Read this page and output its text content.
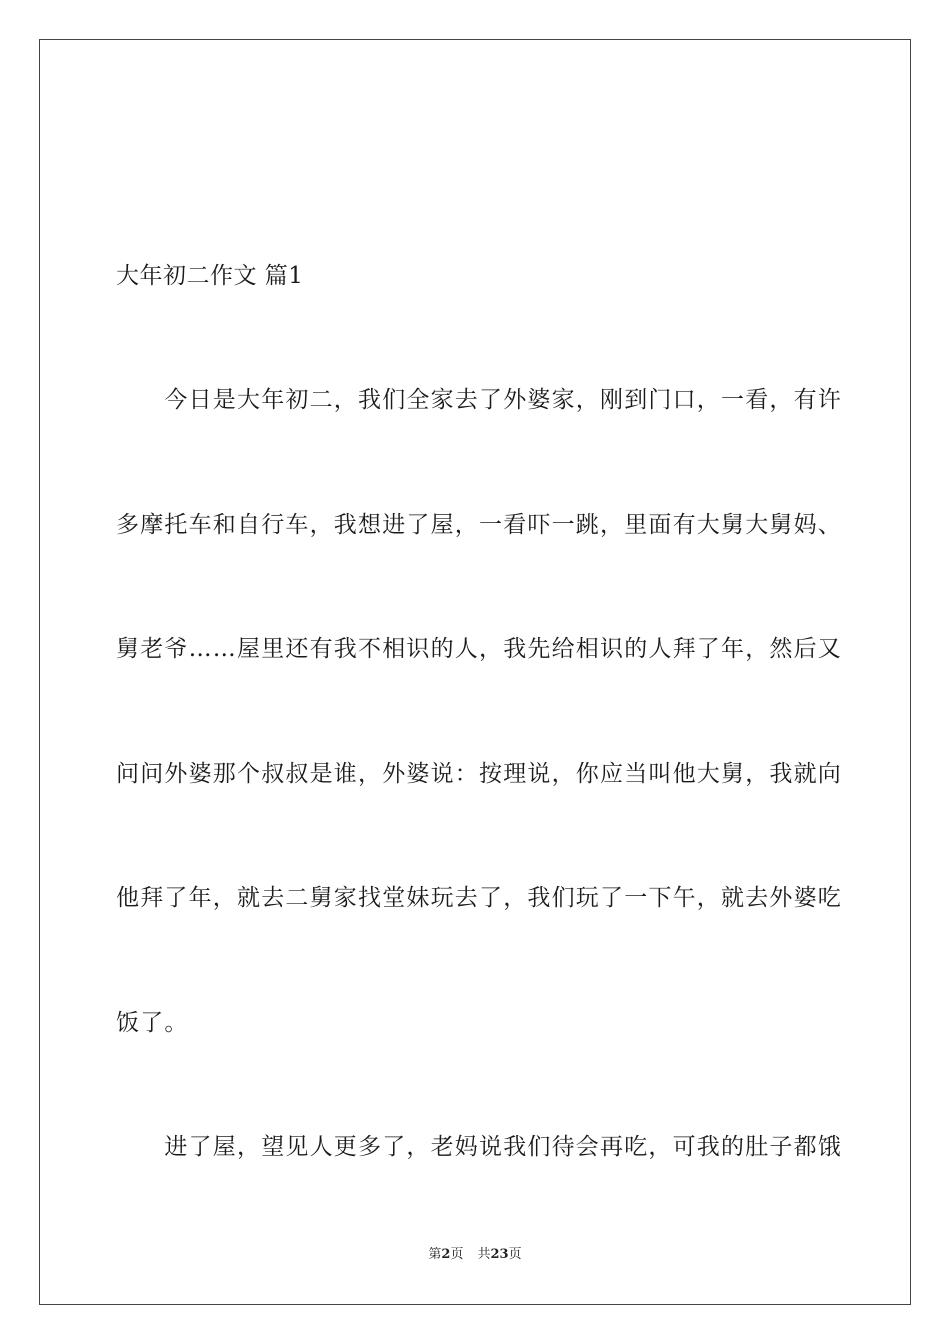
大年初二作文 篇1
　　今日是大年初二，我们全家去了外婆家，刚到门口，一看，有许
多摩托车和自行车，我想进了屋，一看吓一跳，里面有大舅大舅妈、
舅老爷……屋里还有我不相识的人，我先给相识的人拜了年，然后又
问问外婆那个叔叔是谁，外婆说：按理说，你应当叫他大舅，我就向
他拜了年，就去二舅家找堂妹玩去了，我们玩了一下午，就去外婆吃
饭了。
　　进了屋，望见人更多了，老妈说我们待会再吃，可我的肚子都饿
第2页 共23页
